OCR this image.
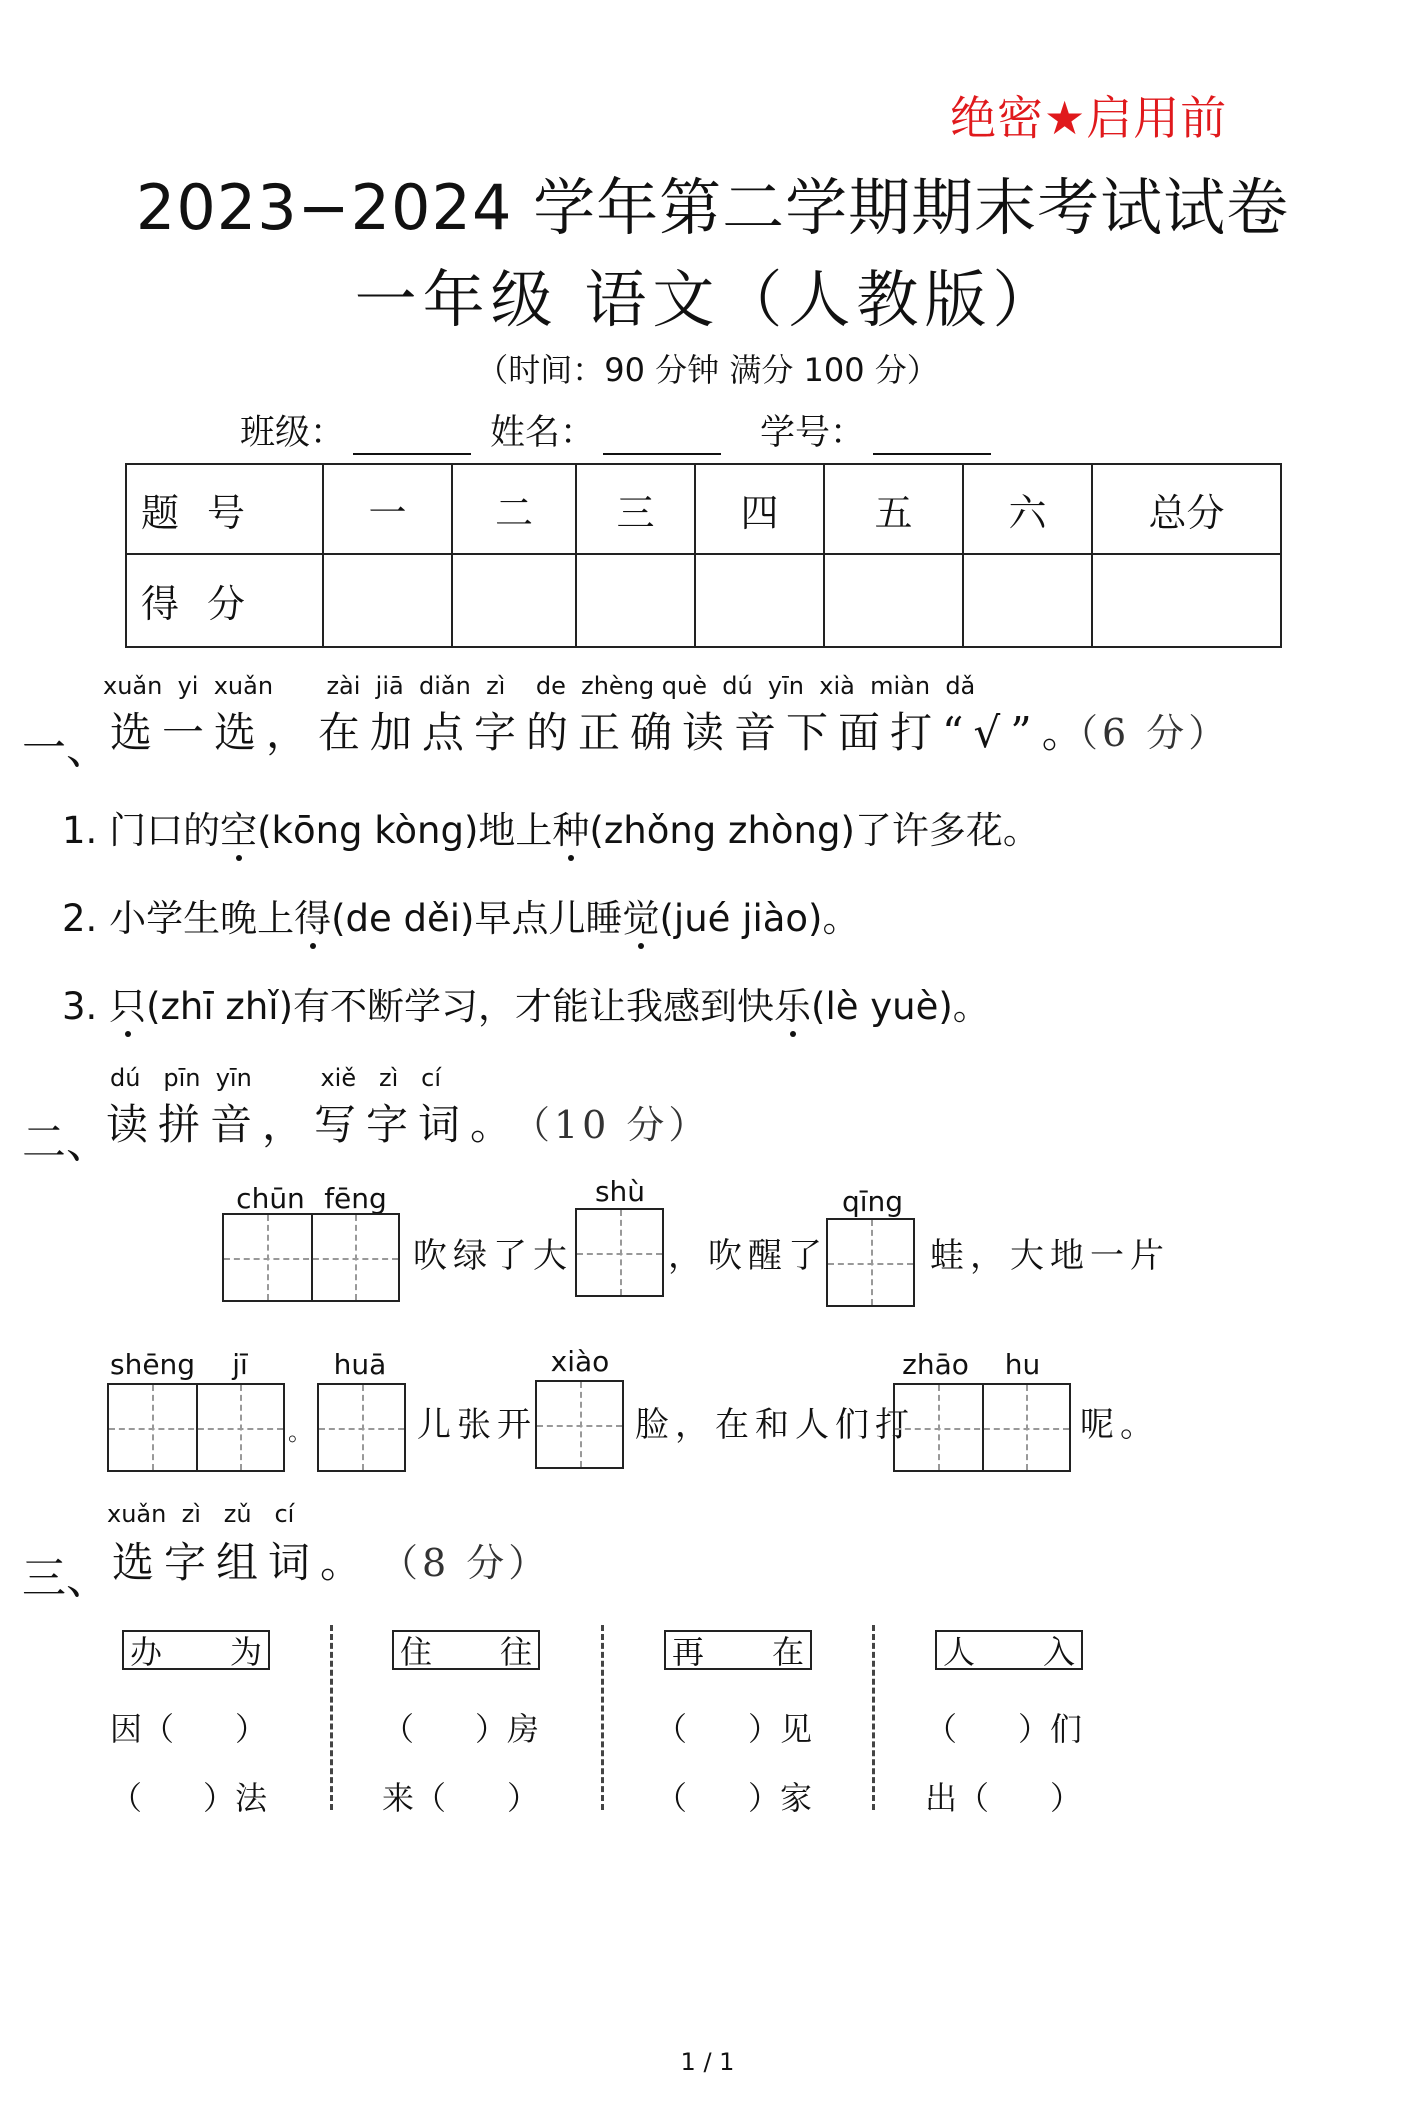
绝密★启用前
2023−2024 学年第二学期期末考试试卷
一年级 语文（人教版）
（时间：90 分钟 满分 100 分）
班级：	姓名：	学号：
题号	一	二	三	四	五	六	总分
得分							
xuǎn  yi  xuǎn       zài  jiā  diǎn  zì    de  zhèng què  dú  yīn  xià  miàn  dǎ
一、 选一选，在加点字的正确读音下面打“√”。
（6 分）
1. 门口的空(kōng kòng)地上种(zhǒng zhòng)了许多花。
2. 小学生晚上得(de děi)早点儿睡觉(jué jiào)。
3. 只(zhī zhǐ)有不断学习，才能让我感到快乐(lè yuè)。
dú   pīn  yīn         xiě   zì   cí
二、
读拼音，写字词。
（10 分）
chūn fēng
吹绿了大
shù
，吹醒了
qīng
蛙，大地一片
shēng	jī
。
huā
儿张开
xiào
脸，在和人们打
zhāo	hu
呢。
xuǎn  zì   zǔ   cí
三、 选字组词。 （8 分）
办 为
因（      ）
（      ）法
住 往
（      ）房
来（      ）
再 在
（      ）见
（      ）家
人 入
（      ）们
出（      ）
1 / 1
